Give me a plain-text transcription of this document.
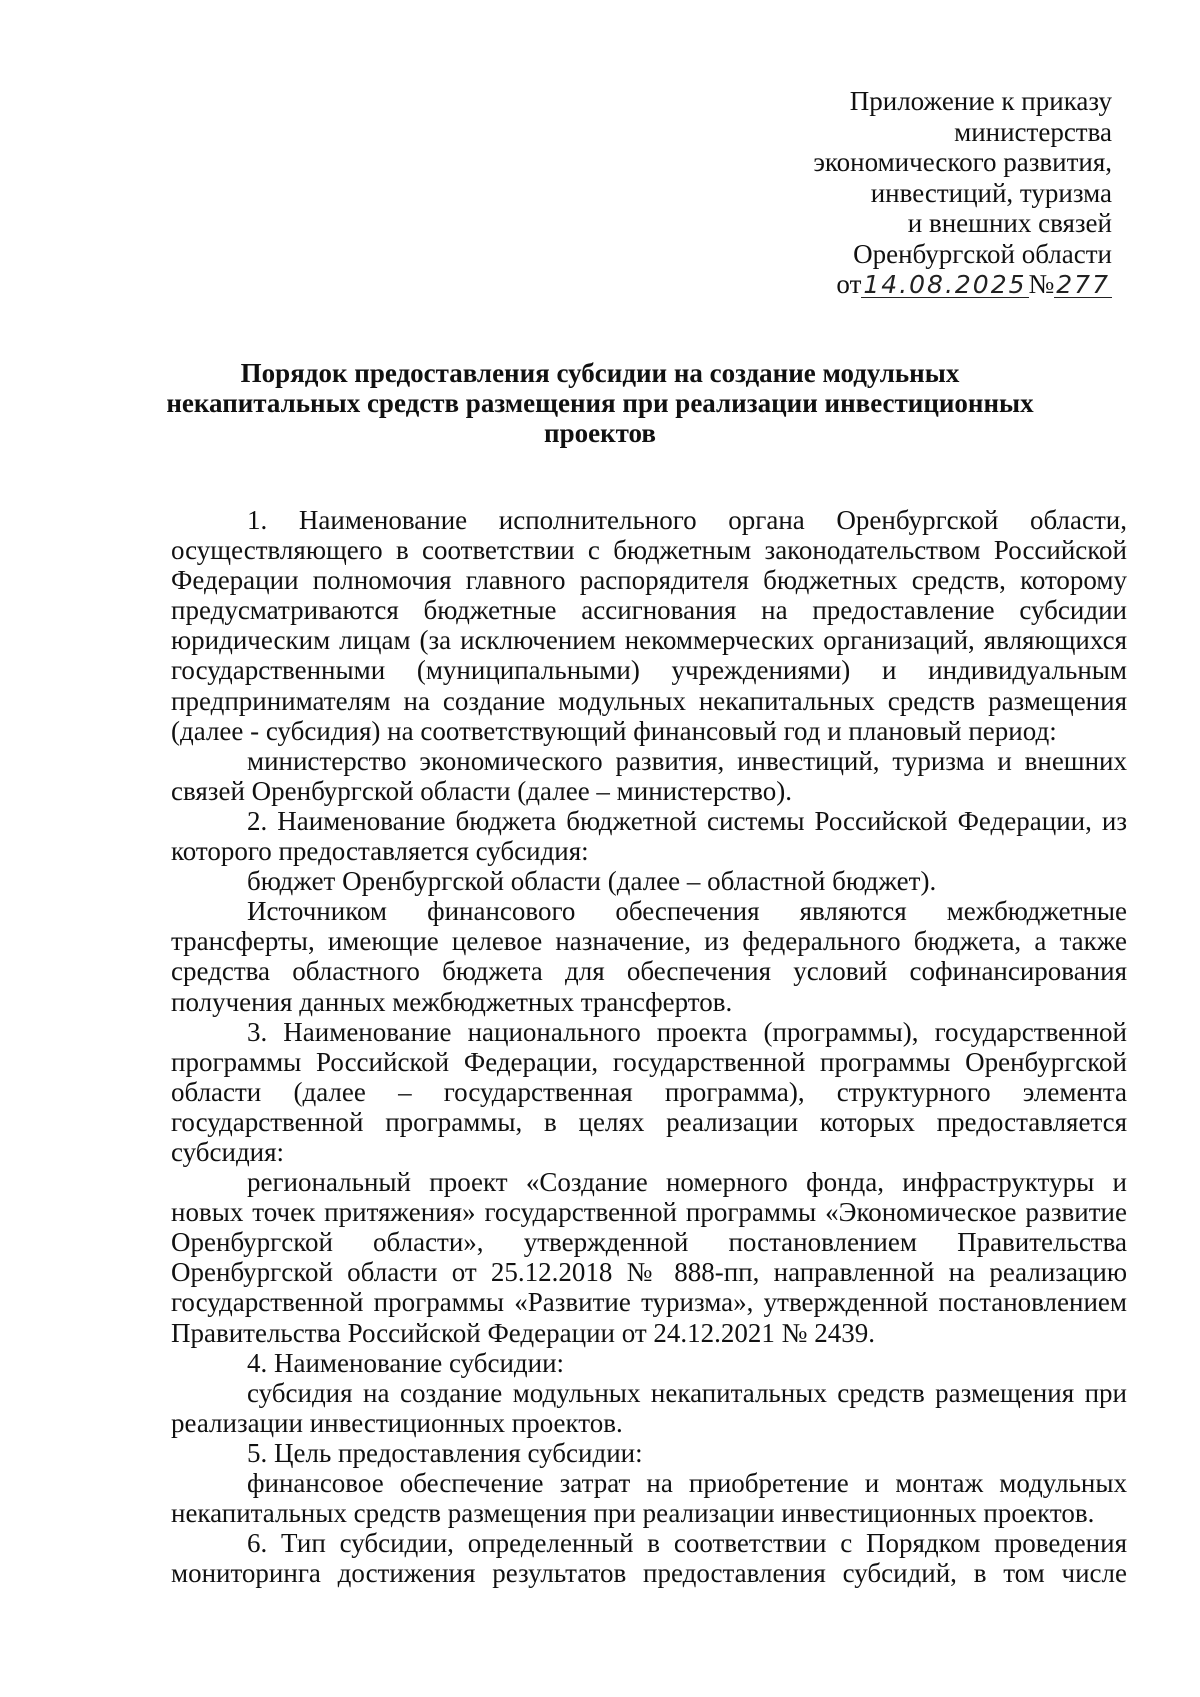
Приложение к приказу
министерства
экономического развития,
инвестиций, туризма
и внешних связей
Оренбургской области
от14.08.2025№277
Порядок предоставления субсидии на создание модульных
некапитальных средств размещения при реализации инвестиционных
проектов

1. Наименование исполнительного органа Оренбургской области, осуществляющего в соответствии с бюджетным законодательством Российской Федерации полномочия главного распорядителя бюджетных средств, которому предусматриваются бюджетные ассигнования на предоставление субсидии юридическим лицам (за исключением некоммерческих организаций, являющихся государственными (муниципальными) учреждениями) и индивидуальным предпринимателям на создание модульных некапитальных средств размещения (далее - субсидия) на соответствующий финансовый год и плановый период:

министерство экономического развития, инвестиций, туризма и внешних связей Оренбургской области (далее – министерство).

2. Наименование бюджета бюджетной системы Российской Федерации, из которого предоставляется субсидия:

бюджет Оренбургской области (далее – областной бюджет).

Источником финансового обеспечения являются межбюджетные трансферты, имеющие целевое назначение, из федерального бюджета, а также средства областного бюджета для обеспечения условий софинансирования получения данных межбюджетных трансфертов.

3. Наименование национального проекта (программы), государственной программы Российской Федерации, государственной программы Оренбургской области (далее – государственная программа), структурного элемента государственной программы, в целях реализации которых предоставляется субсидия:

региональный проект «Создание номерного фонда, инфраструктуры и новых точек притяжения» государственной программы «Экономическое развитие Оренбургской области», утвержденной постановлением Правительства Оренбургской области от 25.12.2018 № 888-пп, направленной на реализацию государственной программы «Развитие туризма», утвержденной постановлением Правительства Российской Федерации от 24.12.2021 № 2439.

4. Наименование субсидии:

субсидия на создание модульных некапитальных средств размещения при реализации инвестиционных проектов.

5. Цель предоставления субсидии:

финансовое обеспечение затрат на приобретение и монтаж модульных некапитальных средств размещения при реализации инвестиционных проектов.

6. Тип субсидии, определенный в соответствии с Порядком проведения мониторинга достижения результатов предоставления субсидий, в том числе
